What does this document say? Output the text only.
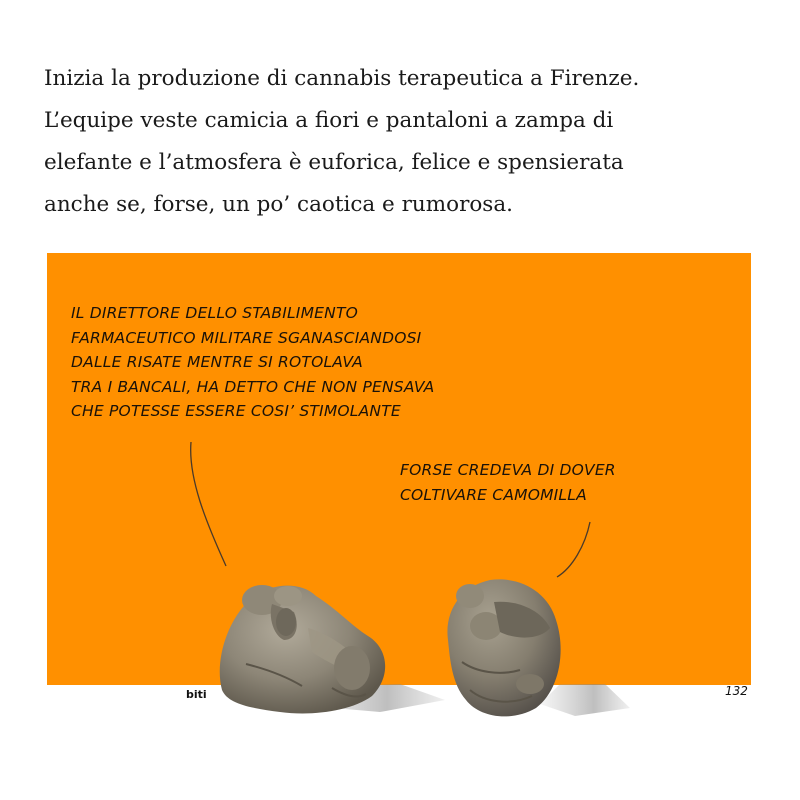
Inizia la produzione di cannabis terapeutica a Firenze.
L’equipe veste camicia a fiori e pantaloni a zampa di
elefante e l’atmosfera è euforica, felice e spensierata
anche se, forse, un po’ caotica e rumorosa.
IL DIRETTORE DELLO STABILIMENTO
FARMACEUTICO MILITARE SGANASCIANDOSI
DALLE RISATE MENTRE SI ROTOLAVA
TRA I BANCALI, HA DETTO CHE NON PENSAVA
CHE POTESSE ESSERE COSI’ STIMOLANTE
FORSE CREDEVA DI DOVER
COLTIVARE CAMOMILLA
biti	132
